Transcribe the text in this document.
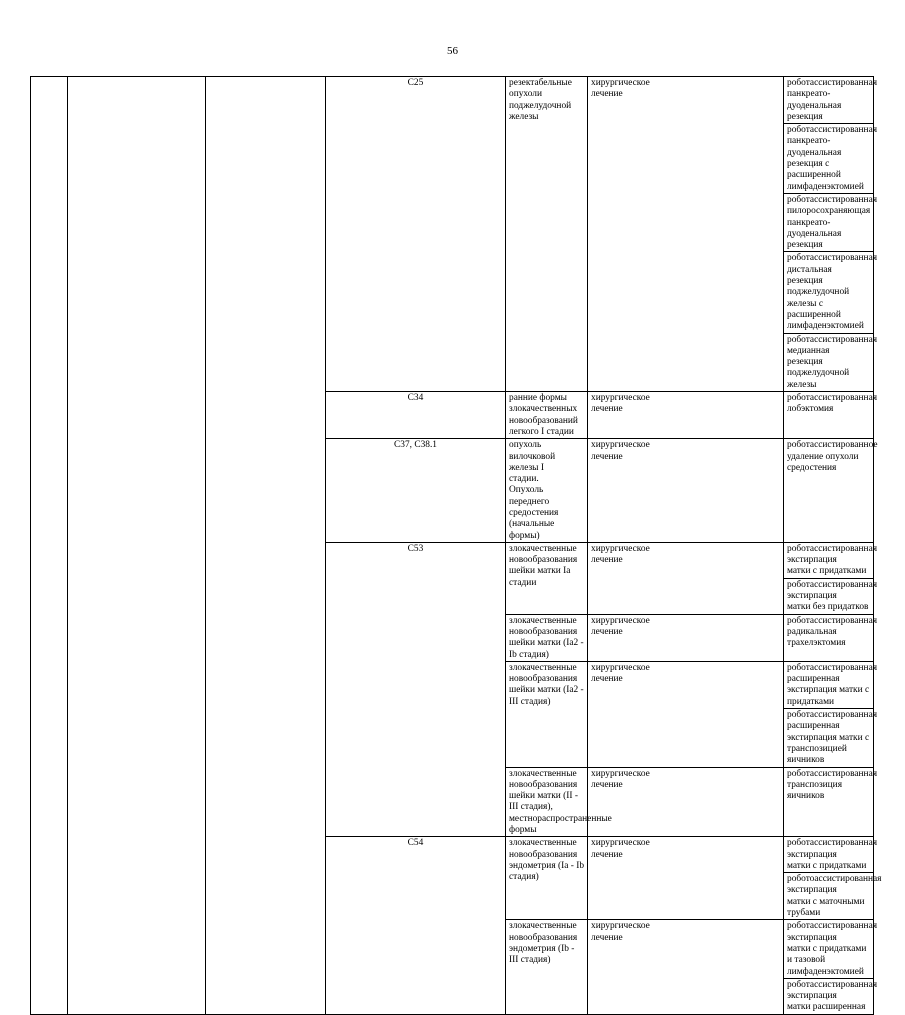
56

			C25	резектабельные опухоли
поджелудочной железы	хирургическое
лечение	роботассистированная панкреато-
дуоденальная резекция	

						роботассистированная панкреато-
дуоденальная резекция с расширенной
лимфаденэктомией	

						роботассистированная
пилоросохраняющая панкреато-
дуоденальная резекция	

						роботассистированная дистальная
резекция поджелудочной железы с
расширенной лимфаденэктомией	

						роботассистированная медианная
резекция поджелудочной железы	

			C34	ранние формы злокачественных
новообразований легкого I стадии	хирургическое
лечение	роботассистированная лобэктомия	

			C37, C38.1	опухоль вилочковой железы I
стадии.
Опухоль переднего средостения
(начальные формы)	хирургическое
лечение	роботассистированное удаление опухоли
средостения	

			C53	злокачественные новообразования
шейки матки Ia стадии	хирургическое
лечение	роботассистированная экстирпация
матки с придатками	

						роботассистированная экстирпация
матки без придатков	

				злокачественные новообразования
шейки матки (Ia2 - Ib стадия)	хирургическое
лечение	роботассистированная радикальная
трахелэктомия	

				злокачественные новообразования
шейки матки (Ia2 - III стадия)	хирургическое
лечение	роботассистированная расширенная
экстирпация матки с придатками	

						роботассистированная расширенная
экстирпация матки с транспозицией
яичников	

				злокачественные новообразования
шейки матки (II - III стадия),
местнораспространенные формы	хирургическое
лечение	роботассистированная транспозиция
яичников	

			C54	злокачественные новообразования
эндометрия (Ia - Ib стадия)	хирургическое
лечение	роботассистированная экстирпация
матки с придатками	

						роботоассистированная экстирпация
матки с маточными трубами	

				злокачественные новообразования
эндометрия (Ib - III стадия)	хирургическое
лечение	роботассистированная экстирпация
матки с придатками и тазовой
лимфаденэктомией	

						роботассистированная экстирпация
матки расширенная	
